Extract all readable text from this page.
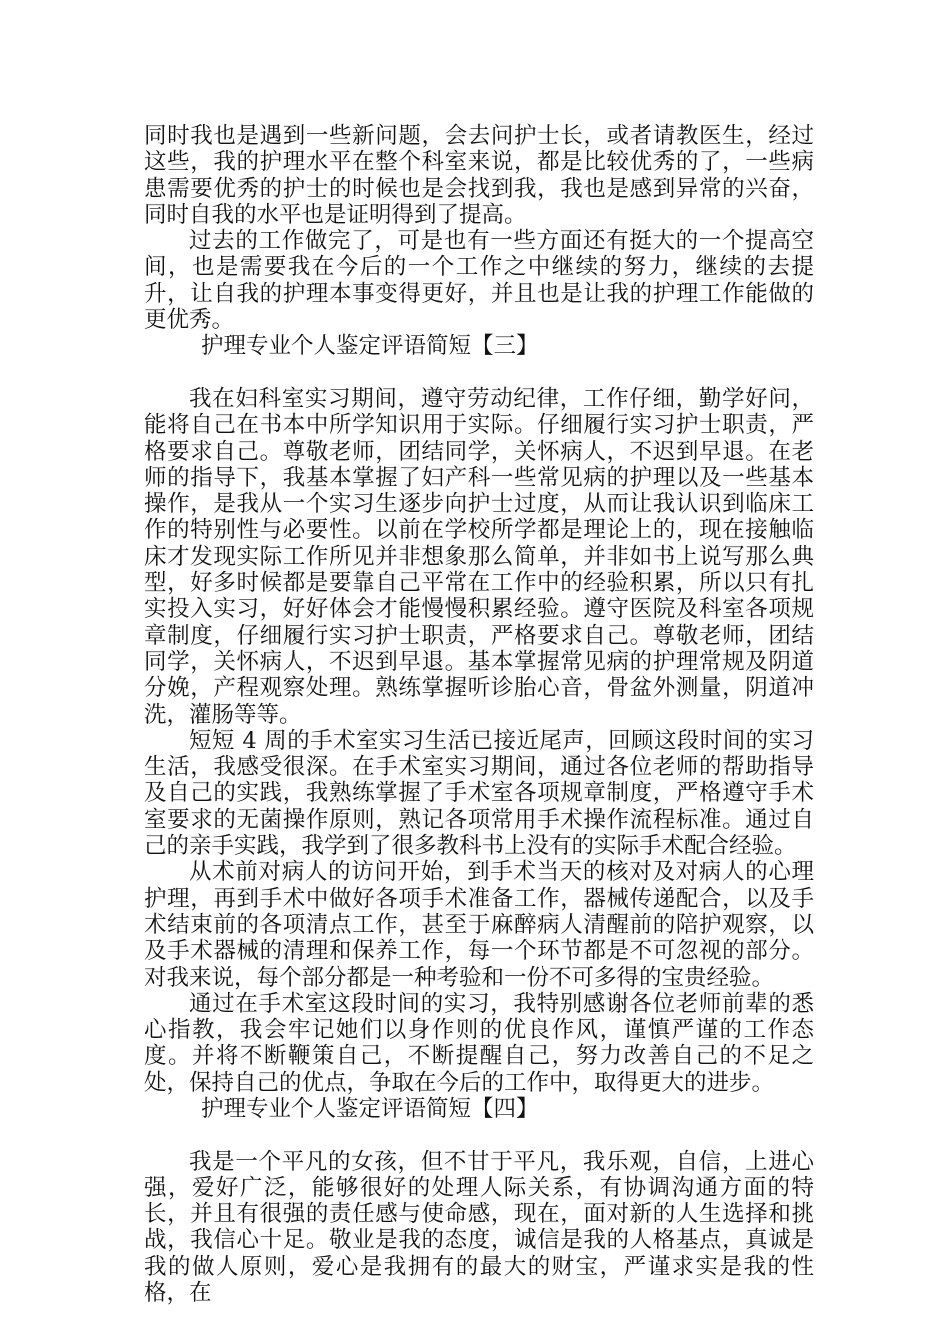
同时我也是遇到一些新问题，会去问护士长，或者请教医生，经过这些，我的护理水平在整个科室来说，都是比较优秀的了，一些病患需要优秀的护士的时候也是会找到我，我也是感到异常的兴奋，同时自我的水平也是证明得到了提高。

过去的工作做完了，可是也有一些方面还有挺大的一个提高空间，也是需要我在今后的一个工作之中继续的努力，继续的去提升，让自我的护理本事变得更好，并且也是让我的护理工作能做的更优秀。

护理专业个人鉴定评语简短【三】

我在妇科室实习期间，遵守劳动纪律，工作仔细，勤学好问，能将自己在书本中所学知识用于实际。仔细履行实习护士职责，严格要求自己。尊敬老师，团结同学，关怀病人，不迟到早退。在老师的指导下，我基本掌握了妇产科一些常见病的护理以及一些基本操作，是我从一个实习生逐步向护士过度，从而让我认识到临床工作的特别性与必要性。以前在学校所学都是理论上的，现在接触临床才发现实际工作所见并非想象那么简单，并非如书上说写那么典型，好多时候都是要靠自己平常在工作中的经验积累，所以只有扎实投入实习，好好体会才能慢慢积累经验。遵守医院及科室各项规章制度，仔细履行实习护士职责，严格要求自己。尊敬老师，团结同学，关怀病人，不迟到早退。基本掌握常见病的护理常规及阴道分娩，产程观察处理。熟练掌握听诊胎心音，骨盆外测量，阴道冲洗，灌肠等等。

短短 4 周的手术室实习生活已接近尾声，回顾这段时间的实习生活，我感受很深。在手术室实习期间，通过各位老师的帮助指导及自己的实践，我熟练掌握了手术室各项规章制度，严格遵守手术室要求的无菌操作原则，熟记各项常用手术操作流程标准。通过自己的亲手实践，我学到了很多教科书上没有的实际手术配合经验。

从术前对病人的访问开始，到手术当天的核对及对病人的心理护理，再到手术中做好各项手术准备工作，器械传递配合，以及手术结束前的各项清点工作，甚至于麻醉病人清醒前的陪护观察，以及手术器械的清理和保养工作，每一个环节都是不可忽视的部分。对我来说，每个部分都是一种考验和一份不可多得的宝贵经验。

通过在手术室这段时间的实习，我特别感谢各位老师前辈的悉心指教，我会牢记她们以身作则的优良作风，谨慎严谨的工作态度。并将不断鞭策自己，不断提醒自己，努力改善自己的不足之处，保持自己的优点，争取在今后的工作中，取得更大的进步。

护理专业个人鉴定评语简短【四】

我是一个平凡的女孩，但不甘于平凡，我乐观，自信，上进心强，爱好广泛，能够很好的处理人际关系，有协调沟通方面的特长，并且有很强的责任感与使命感，现在，面对新的人生选择和挑战，我信心十足。敬业是我的态度，诚信是我的人格基点，真诚是我的做人原则，爱心是我拥有的最大的财宝，严谨求实是我的性格，在
